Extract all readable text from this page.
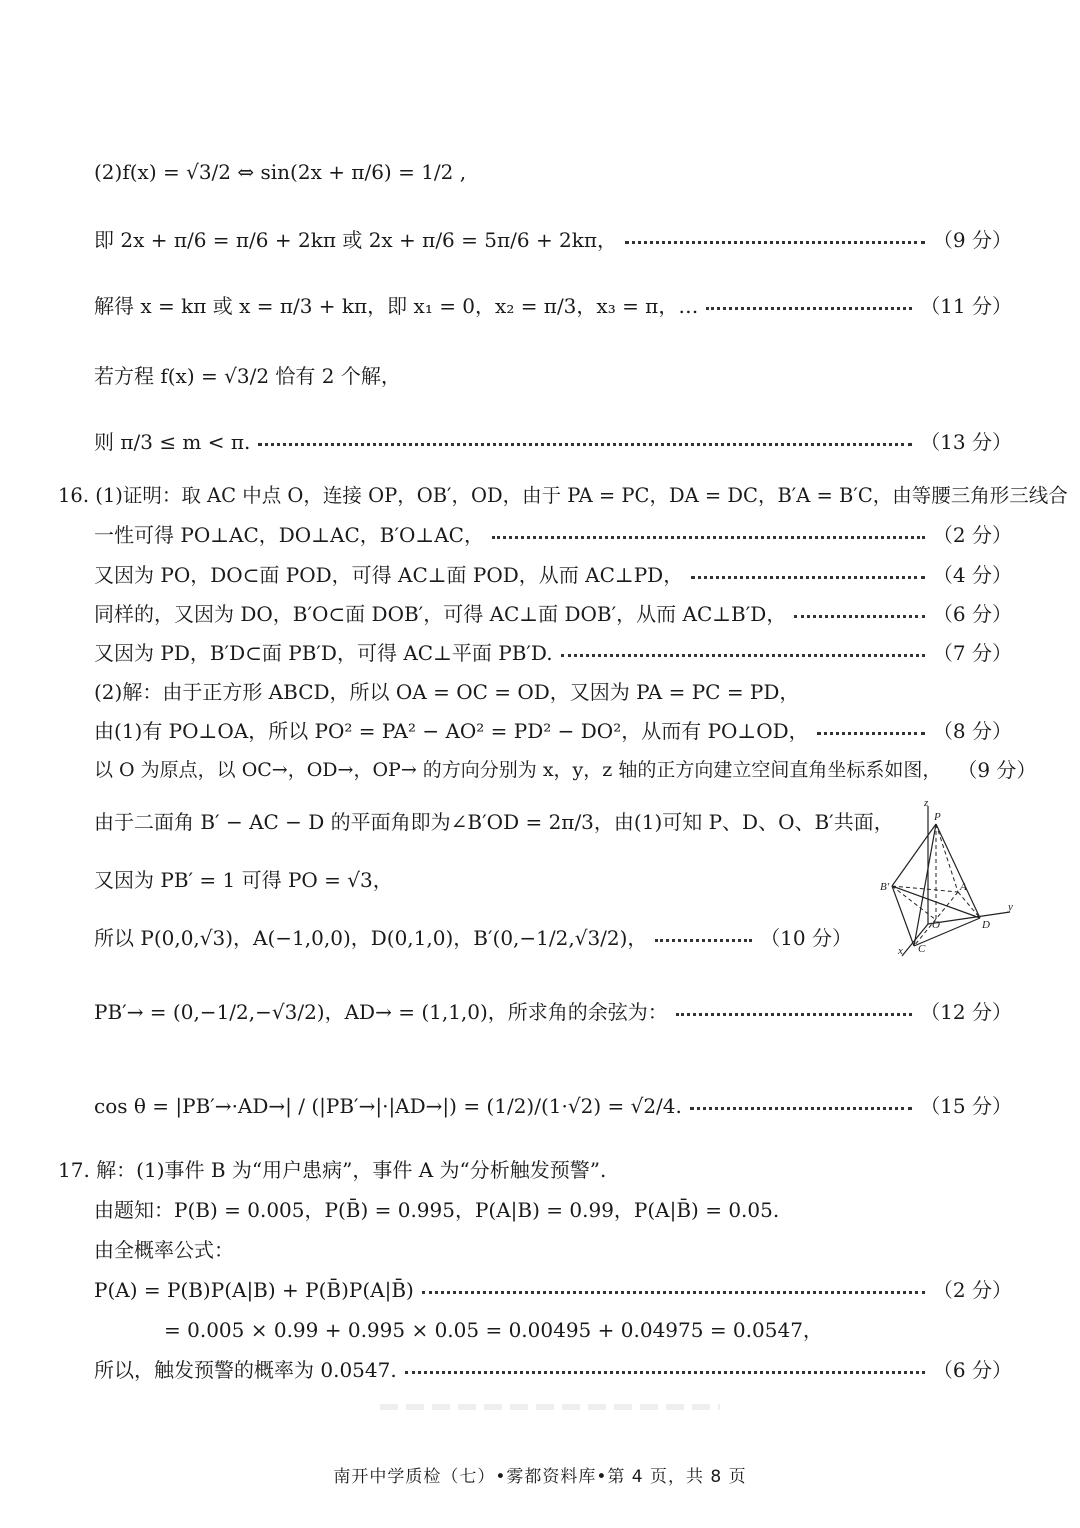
(2)f(x) = √3/2 ⇔ sin(2x + π/6) = 1/2 ,
即 2x + π/6 = π/6 + 2kπ 或 2x + π/6 = 5π/6 + 2kπ，	（9 分）
解得 x = kπ 或 x = π/3 + kπ，即 x₁ = 0，x₂ = π/3，x₃ = π，…	（11 分）
若方程 f(x) = √3/2 恰有 2 个解，
则 π/3 ≤ m < π.	（13 分）
16. (1)证明：取 AC 中点 O，连接 OP，OB′，OD，由于 PA = PC，DA = DC，B′A = B′C，由等腰三角形三线合
一性可得 PO⊥AC，DO⊥AC，B′O⊥AC，	（2 分）
又因为 PO，DO⊂面 POD，可得 AC⊥面 POD，从而 AC⊥PD，	（4 分）
同样的，又因为 DO，B′O⊂面 DOB′，可得 AC⊥面 DOB′，从而 AC⊥B′D，	（6 分）
又因为 PD，B′D⊂面 PB′D，可得 AC⊥平面 PB′D.	（7 分）
(2)解：由于正方形 ABCD，所以 OA = OC = OD，又因为 PA = PC = PD，
由(1)有 PO⊥OA，所以 PO² = PA² − AO² = PD² − DO²，从而有 PO⊥OD，	（8 分）
以 O 为原点，以 OC→，OD→，OP→ 的方向分别为 x，y，z 轴的正方向建立空间直角坐标系如图， （9 分）
由于二面角 B′ − AC − D 的平面角即为∠B′OD = 2π/3，由(1)可知 P、D、O、B′共面，
又因为 PB′ = 1 可得 PO = √3，
所以 P(0,0,√3)，A(−1,0,0)，D(0,1,0)，B′(0,−1/2,√3/2)，	（10 分）
z
P
B′	A
O	D
y
x C
PB′→ = (0,−1/2,−√3/2)，AD→ = (1,1,0)，所求角的余弦为：	（12 分）
cos θ = |PB′→·AD→| / (|PB′→|·|AD→|) = (1/2)/(1·√2) = √2/4.	（15 分）
17. 解：(1)事件 B 为“用户患病”，事件 A 为“分析触发预警”.
由题知：P(B) = 0.005，P(B̄) = 0.995，P(A|B) = 0.99，P(A|B̄) = 0.05.
由全概率公式：
P(A) = P(B)P(A|B) + P(B̄)P(A|B̄)	（2 分）
= 0.005 × 0.99 + 0.995 × 0.05 = 0.00495 + 0.04975 = 0.0547，
所以，触发预警的概率为 0.0547.	（6 分）
南开中学质检（七）•雾都资料库•第 4 页，共 8 页
